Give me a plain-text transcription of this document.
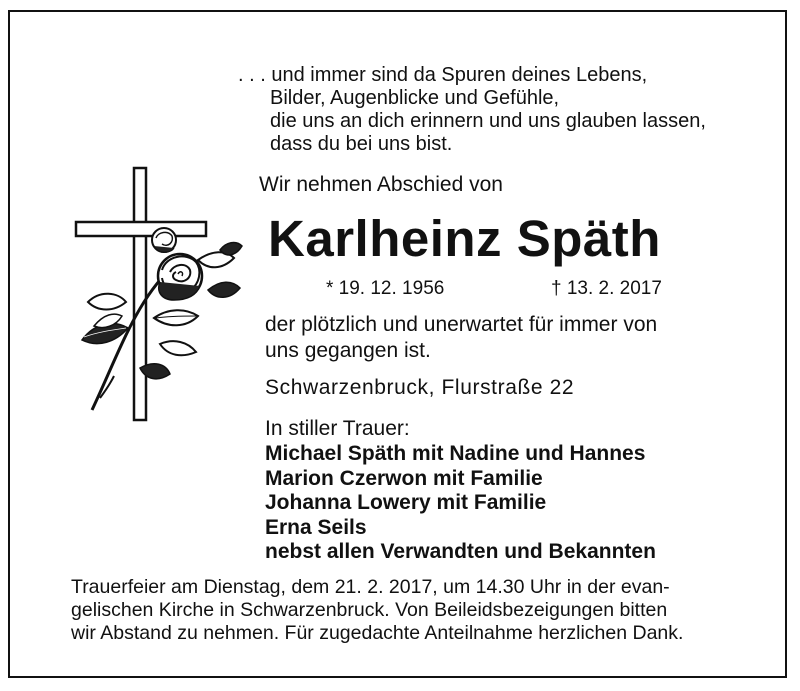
. . . und immer sind da Spuren deines Lebens,
Bilder, Augenblicke und Gefühle,
die uns an dich erinnern und uns glauben lassen,
dass du bei uns bist.
Wir nehmen Abschied von
Karlheinz Späth
* 19. 12. 1956	† 13. 2. 2017
der plötzlich und unerwartet für immer von
uns gegangen ist.
Schwarzenbruck, Flurstraße 22
In stiller Trauer:
Michael Späth mit Nadine und Hannes
Marion Czerwon mit Familie
Johanna Lowery mit Familie
Erna Seils
nebst allen Verwandten und Bekannten
Trauerfeier am Dienstag, dem 21. 2. 2017, um 14.30 Uhr in der evan-
gelischen Kirche in Schwarzenbruck. Von Beileidsbezeigungen bitten
wir Abstand zu nehmen. Für zugedachte Anteilnahme herzlichen Dank.
